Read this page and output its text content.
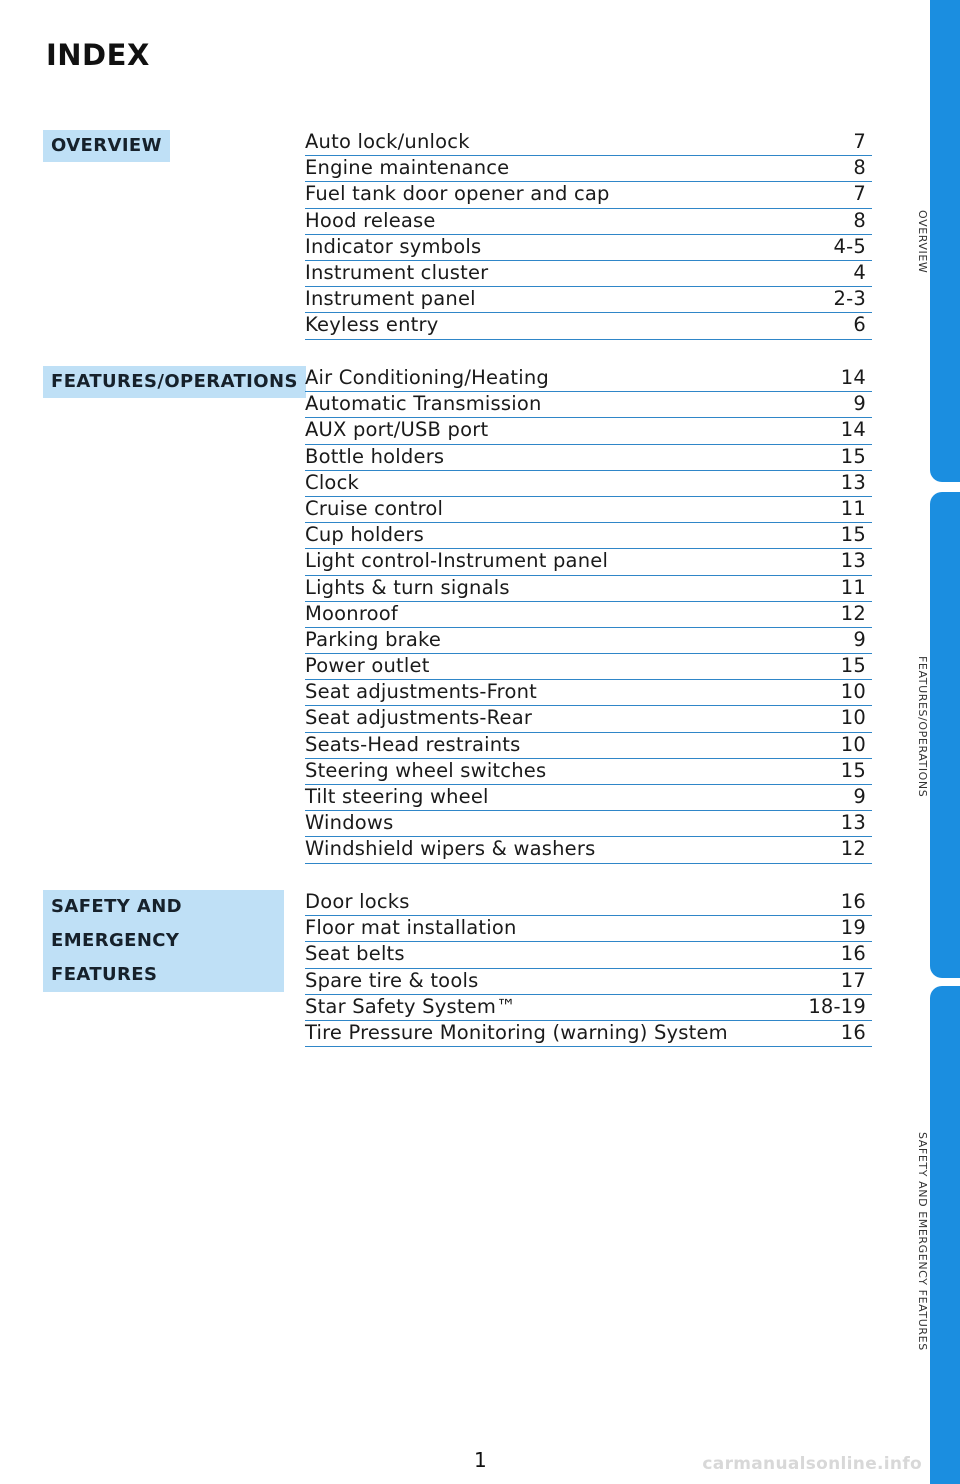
INDEX
OVERVIEW	Auto lock/unlock	7
Engine maintenance	8
Fuel tank door opener and cap	7
Hood release	8
Indicator symbols	4-5
Instrument cluster	4
Instrument panel	2-3
Keyless entry	6
FEATURES/OPERATIONS Air Conditioning/Heating	14
Automatic Transmission	9
AUX port/USB port	14
Bottle holders	15
Clock	13
Cruise control	11
Cup holders	15
Light control-Instrument panel	13
Lights & turn signals	11
Moonroof	12
Parking brake	9
Power outlet	15
Seat adjustments-Front	10
Seat adjustments-Rear	10
Seats-Head restraints	10
Steering wheel switches	15
Tilt steering wheel	9
Windows	13
Windshield wipers & washers	12
SAFETY AND
EMERGENCY FEATURES
Door locks	16
Floor mat installation	19
Seat belts	16
Spare tire & tools	17
Star Safety System™	18-19
Tire Pressure Monitoring (warning) System	16
OVERVIEW
FEATURES/OPERATIONS
SAFETY AND EMERGENCY FEATURES
1	carmanualsonline.info
